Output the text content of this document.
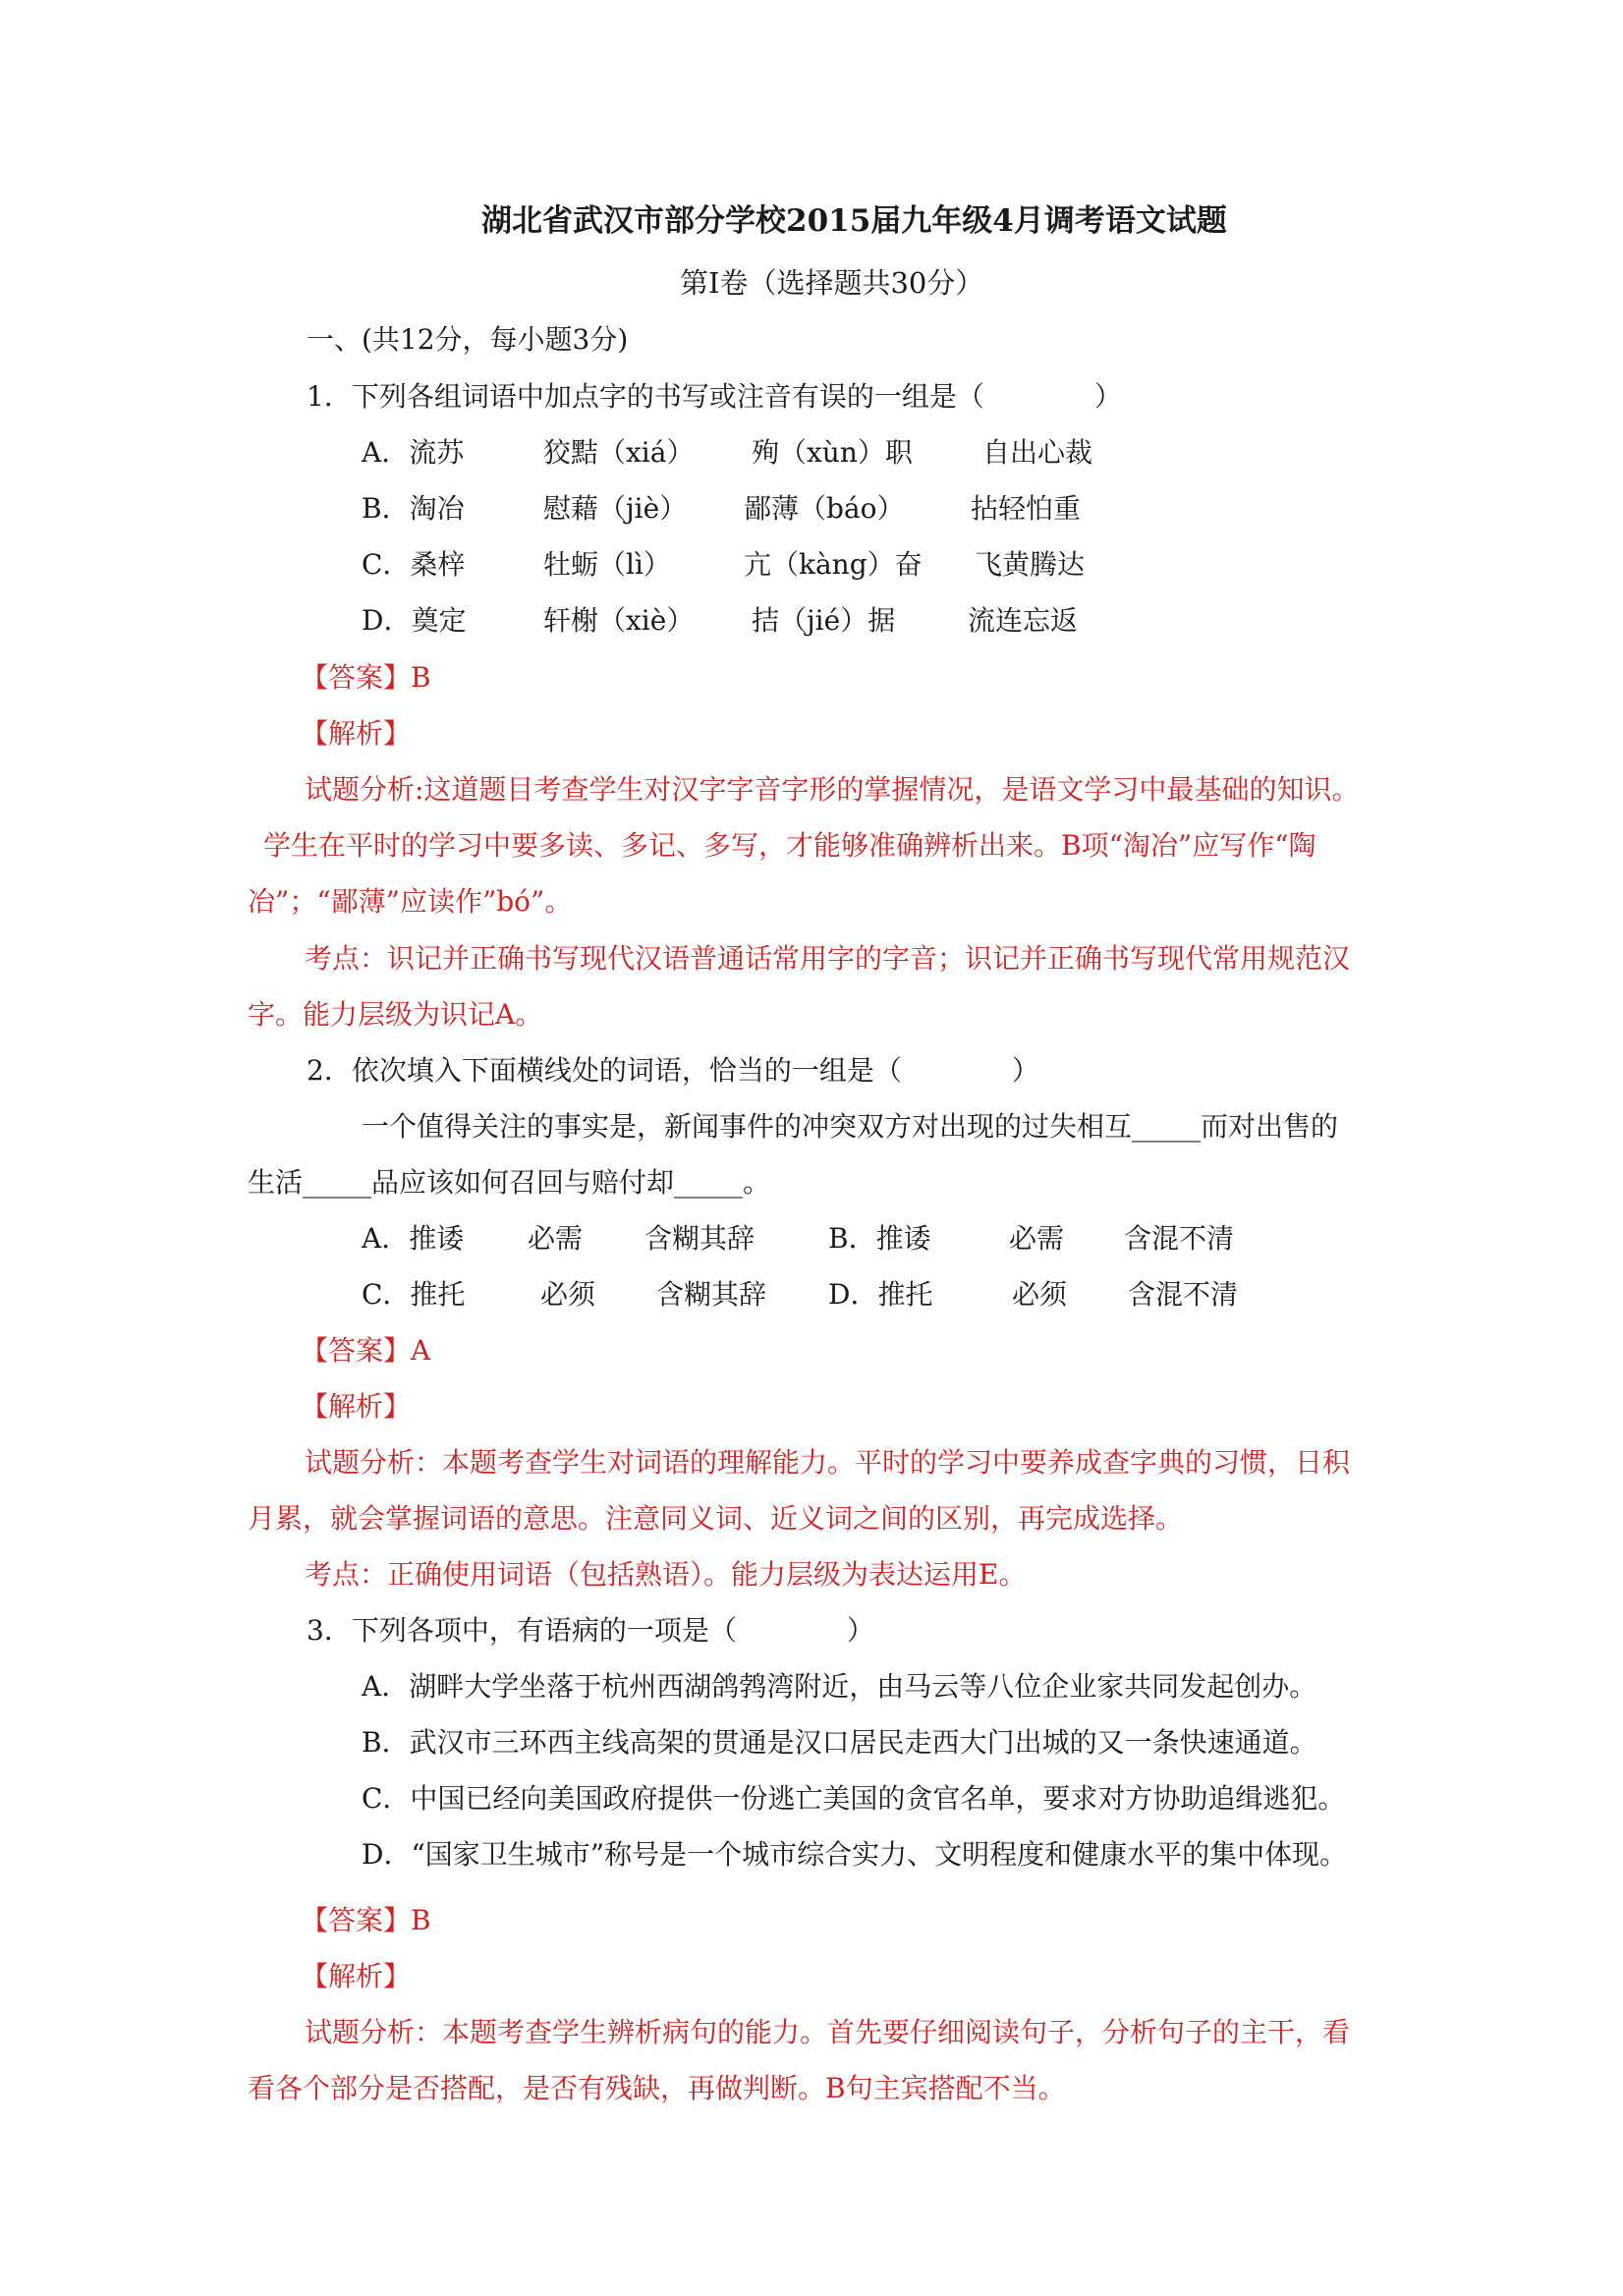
湖北省武汉市部分学校2015届九年级4月调考语文试题
第Ⅰ卷（选择题共30分）
一、(共12分，每小题3分)
1．下列各组词语中加点字的书写或注音有误的一组是（　　　　）
A．流苏	狡黠（xiá） 殉（xùn）职	自出心裁
B．淘冶	慰藉（jiè） 鄙薄（báo） 拈轻怕重
C．桑梓	牡蛎（lì）	亢（kàng）奋 飞黄腾达
D．奠定	轩榭（xiè） 拮（jié）据	流连忘返
【答案】B
【解析】
试题分析:这道题目考查学生对汉字字音字形的掌握情况，是语文学习中最基础的知识。
学生在平时的学习中要多读、多记、多写，才能够准确辨析出来。B项“淘冶”应写作“陶
冶”；“鄙薄”应读作”bó”。
考点：识记并正确书写现代汉语普通话常用字的字音；识记并正确书写现代常用规范汉
字。能力层级为识记A。
2．依次填入下面横线处的词语，恰当的一组是（　　　　）
一个值得关注的事实是，新闻事件的冲突双方对出现的过失相互_____而对出售的
生活_____品应该如何召回与赔付却_____。
A．推诿 必需 含糊其辞	B．推诿	必需 含混不清
C．推托	必须 含糊其辞 D．推托	必须 含混不清
【答案】A
【解析】
试题分析：本题考查学生对词语的理解能力。平时的学习中要养成查字典的习惯，日积
月累，就会掌握词语的意思。注意同义词、近义词之间的区别，再完成选择。
考点：正确使用词语（包括熟语）。能力层级为表达运用E。
3．下列各项中，有语病的一项是（　　　　）
A．湖畔大学坐落于杭州西湖鸽鹁湾附近，由马云等八位企业家共同发起创办。
B．武汉市三环西主线高架的贯通是汉口居民走西大门出城的又一条快速通道。
C．中国已经向美国政府提供一份逃亡美国的贪官名单，要求对方协助追缉逃犯。
D．“国家卫生城市”称号是一个城市综合实力、文明程度和健康水平的集中体现。
【答案】B
【解析】
试题分析：本题考查学生辨析病句的能力。首先要仔细阅读句子，分析句子的主干，看
看各个部分是否搭配，是否有残缺，再做判断。B句主宾搭配不当。
